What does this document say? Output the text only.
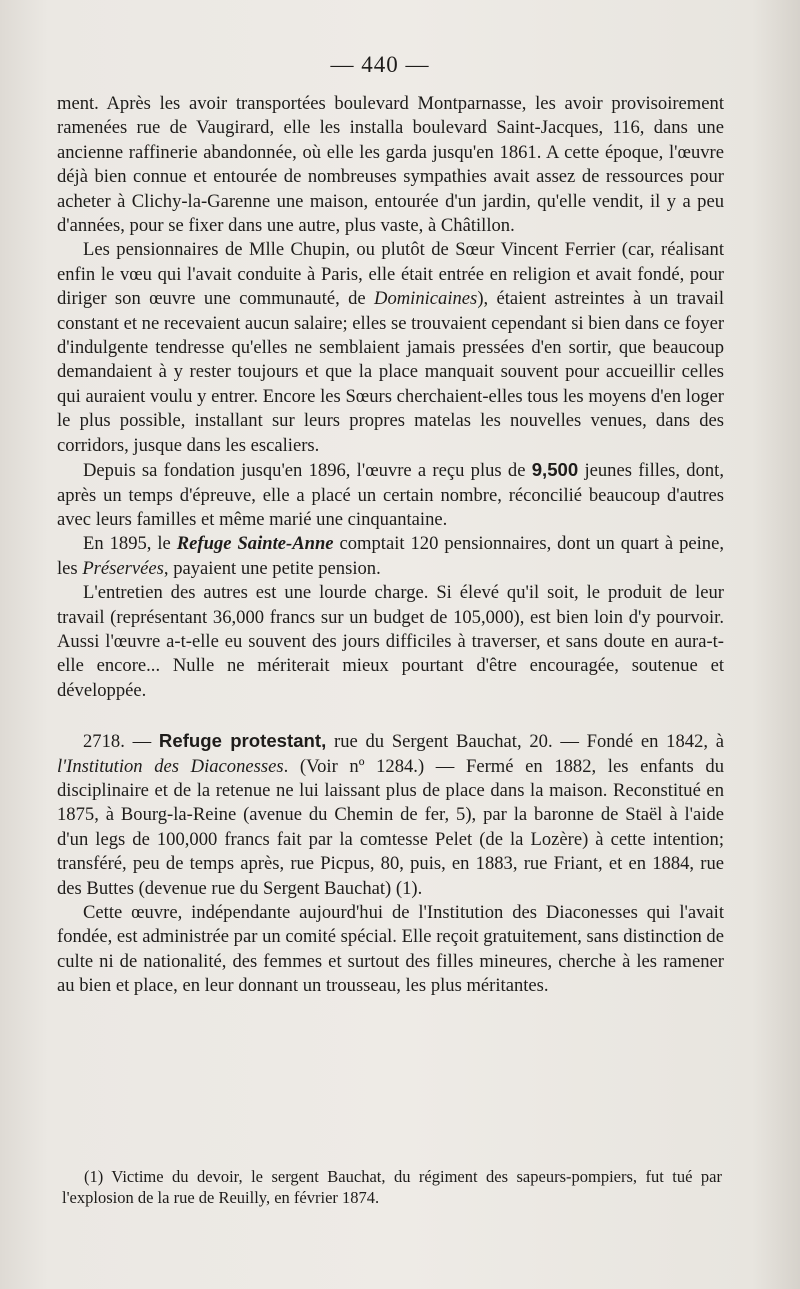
— 440 —

ment. Après les avoir transportées boulevard Montparnasse, les avoir provisoirement ramenées rue de Vaugirard, elle les installa boulevard Saint-Jacques, 116, dans une ancienne raffinerie abandonnée, où elle les garda jusqu'en 1861. A cette époque, l'œuvre déjà bien connue et entourée de nombreuses sympathies avait assez de ressources pour acheter à Clichy-la-Garenne une maison, entourée d'un jardin, qu'elle vendit, il y a peu d'années, pour se fixer dans une autre, plus vaste, à Châtillon.

Les pensionnaires de Mlle Chupin, ou plutôt de Sœur Vincent Ferrier (car, réalisant enfin le vœu qui l'avait conduite à Paris, elle était entrée en religion et avait fondé, pour diriger son œuvre une communauté, de Dominicaines), étaient astreintes à un travail constant et ne recevaient aucun salaire; elles se trouvaient cependant si bien dans ce foyer d'indulgente tendresse qu'elles ne semblaient jamais pressées d'en sortir, que beaucoup demandaient à y rester toujours et que la place manquait souvent pour accueillir celles qui auraient voulu y entrer. Encore les Sœurs cherchaient-elles tous les moyens d'en loger le plus possible, installant sur leurs propres matelas les nouvelles venues, dans des corridors, jusque dans les escaliers.

Depuis sa fondation jusqu'en 1896, l'œuvre a reçu plus de 9,500 jeunes filles, dont, après un temps d'épreuve, elle a placé un certain nombre, réconcilié beaucoup d'autres avec leurs familles et même marié une cinquantaine.

En 1895, le Refuge Sainte-Anne comptait 120 pensionnaires, dont un quart à peine, les Préservées, payaient une petite pension.

L'entretien des autres est une lourde charge. Si élevé qu'il soit, le produit de leur travail (représentant 36,000 francs sur un budget de 105,000), est bien loin d'y pourvoir. Aussi l'œuvre a-t-elle eu souvent des jours difficiles à traverser, et sans doute en aura-t-elle encore... Nulle ne mériterait mieux pourtant d'être encouragée, soutenue et développée.

2718. — Refuge protestant, rue du Sergent Bauchat, 20. — Fondé en 1842, à l'Institution des Diaconesses. (Voir nº 1284.) — Fermé en 1882, les enfants du disciplinaire et de la retenue ne lui laissant plus de place dans la maison. Reconstitué en 1875, à Bourg-la-Reine (avenue du Chemin de fer, 5), par la baronne de Staël à l'aide d'un legs de 100,000 francs fait par la comtesse Pelet (de la Lozère) à cette intention; transféré, peu de temps après, rue Picpus, 80, puis, en 1883, rue Friant, et en 1884, rue des Buttes (devenue rue du Sergent Bauchat) (1).

Cette œuvre, indépendante aujourd'hui de l'Institution des Diaconesses qui l'avait fondée, est administrée par un comité spécial. Elle reçoit gratuitement, sans distinction de culte ni de nationalité, des femmes et surtout des filles mineures, cherche à les ramener au bien et place, en leur donnant un trousseau, les plus méritantes.

(1) Victime du devoir, le sergent Bauchat, du régiment des sapeurs-pompiers, fut tué par l'explosion de la rue de Reuilly, en février 1874.
